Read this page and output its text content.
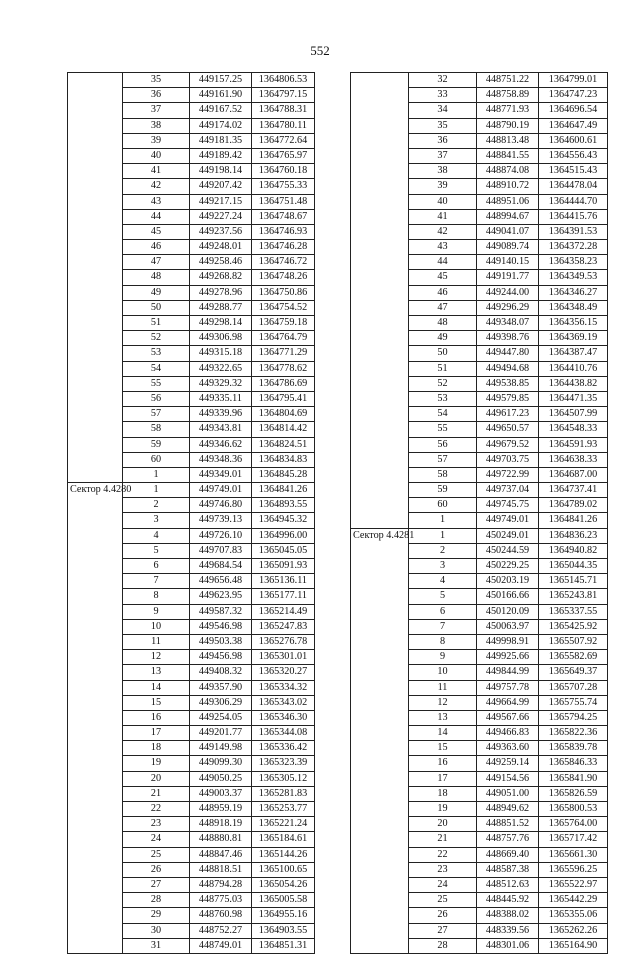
552
	35	449157.25	1364806.53
	36	449161.90	1364797.15
	37	449167.52	1364788.31
	38	449174.02	1364780.11
	39	449181.35	1364772.64
	40	449189.42	1364765.97
	41	449198.14	1364760.18
	42	449207.42	1364755.33
	43	449217.15	1364751.48
	44	449227.24	1364748.67
	45	449237.56	1364746.93
	46	449248.01	1364746.28
	47	449258.46	1364746.72
	48	449268.82	1364748.26
	49	449278.96	1364750.86
	50	449288.77	1364754.52
	51	449298.14	1364759.18
	52	449306.98	1364764.79
	53	449315.18	1364771.29
	54	449322.65	1364778.62
	55	449329.32	1364786.69
	56	449335.11	1364795.41
	57	449339.96	1364804.69
	58	449343.81	1364814.42
	59	449346.62	1364824.51
	60	449348.36	1364834.83
	1	449349.01	1364845.28
Сектор 4.4280	1	449749.01	1364841.26
	2	449746.80	1364893.55
	3	449739.13	1364945.32
	4	449726.10	1364996.00
	5	449707.83	1365045.05
	6	449684.54	1365091.93
	7	449656.48	1365136.11
	8	449623.95	1365177.11
	9	449587.32	1365214.49
	10	449546.98	1365247.83
	11	449503.38	1365276.78
	12	449456.98	1365301.01
	13	449408.32	1365320.27
	14	449357.90	1365334.32
	15	449306.29	1365343.02
	16	449254.05	1365346.30
	17	449201.77	1365344.08
	18	449149.98	1365336.42
	19	449099.30	1365323.39
	20	449050.25	1365305.12
	21	449003.37	1365281.83
	22	448959.19	1365253.77
	23	448918.19	1365221.24
	24	448880.81	1365184.61
	25	448847.46	1365144.26
	26	448818.51	1365100.65
	27	448794.28	1365054.26
	28	448775.03	1365005.58
	29	448760.98	1364955.16
	30	448752.27	1364903.55
	31	448749.01	1364851.31
	32	448751.22	1364799.01
	33	448758.89	1364747.23
	34	448771.93	1364696.54
	35	448790.19	1364647.49
	36	448813.48	1364600.61
	37	448841.55	1364556.43
	38	448874.08	1364515.43
	39	448910.72	1364478.04
	40	448951.06	1364444.70
	41	448994.67	1364415.76
	42	449041.07	1364391.53
	43	449089.74	1364372.28
	44	449140.15	1364358.23
	45	449191.77	1364349.53
	46	449244.00	1364346.27
	47	449296.29	1364348.49
	48	449348.07	1364356.15
	49	449398.76	1364369.19
	50	449447.80	1364387.47
	51	449494.68	1364410.76
	52	449538.85	1364438.82
	53	449579.85	1364471.35
	54	449617.23	1364507.99
	55	449650.57	1364548.33
	56	449679.52	1364591.93
	57	449703.75	1364638.33
	58	449722.99	1364687.00
	59	449737.04	1364737.41
	60	449745.75	1364789.02
	1	449749.01	1364841.26
Сектор 4.4281	1	450249.01	1364836.23
	2	450244.59	1364940.82
	3	450229.25	1365044.35
	4	450203.19	1365145.71
	5	450166.66	1365243.81
	6	450120.09	1365337.55
	7	450063.97	1365425.92
	8	449998.91	1365507.92
	9	449925.66	1365582.69
	10	449844.99	1365649.37
	11	449757.78	1365707.28
	12	449664.99	1365755.74
	13	449567.66	1365794.25
	14	449466.83	1365822.36
	15	449363.60	1365839.78
	16	449259.14	1365846.33
	17	449154.56	1365841.90
	18	449051.00	1365826.59
	19	448949.62	1365800.53
	20	448851.52	1365764.00
	21	448757.76	1365717.42
	22	448669.40	1365661.30
	23	448587.38	1365596.25
	24	448512.63	1365522.97
	25	448445.92	1365442.29
	26	448388.02	1365355.06
	27	448339.56	1365262.26
	28	448301.06	1365164.90
